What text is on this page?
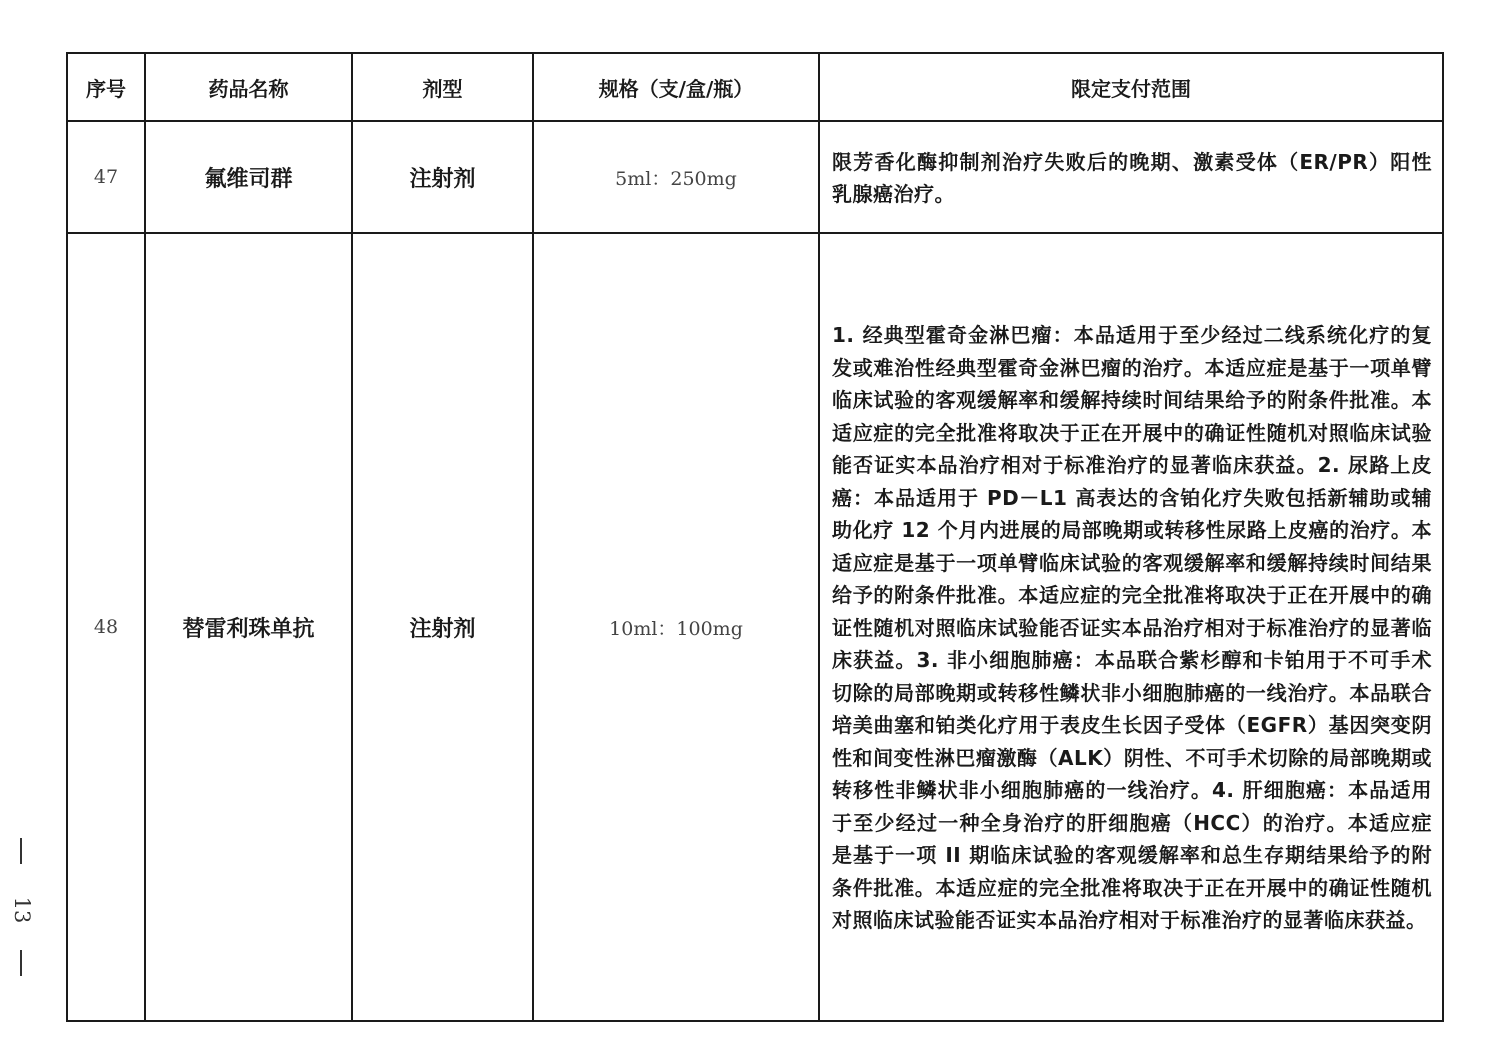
13
序号	药品名称	剂型	规格（支/盒/瓶）	限定支付范围
47	氟维司群	注射剂	5ml：250mg	限芳香化酶抑制剂治疗失败后的晚期、激素受体（ER/PR）阳性乳腺癌治疗。
48	替雷利珠单抗	注射剂	10ml：100mg	1. 经典型霍奇金淋巴瘤：本品适用于至少经过二线系统化疗的复发或难治性经典型霍奇金淋巴瘤的治疗。本适应症是基于一项单臂临床试验的客观缓解率和缓解持续时间结果给予的附条件批准。本适应症的完全批准将取决于正在开展中的确证性随机对照临床试验能否证实本品治疗相对于标准治疗的显著临床获益。2. 尿路上皮癌：本品适用于 PD－L1 高表达的含铂化疗失败包括新辅助或辅助化疗 12 个月内进展的局部晚期或转移性尿路上皮癌的治疗。本适应症是基于一项单臂临床试验的客观缓解率和缓解持续时间结果给予的附条件批准。本适应症的完全批准将取决于正在开展中的确证性随机对照临床试验能否证实本品治疗相对于标准治疗的显著临床获益。3. 非小细胞肺癌：本品联合紫杉醇和卡铂用于不可手术切除的局部晚期或转移性鳞状非小细胞肺癌的一线治疗。本品联合培美曲塞和铂类化疗用于表皮生长因子受体（EGFR）基因突变阴性和间变性淋巴瘤激酶（ALK）阴性、不可手术切除的局部晚期或转移性非鳞状非小细胞肺癌的一线治疗。4. 肝细胞癌：本品适用于至少经过一种全身治疗的肝细胞癌（HCC）的治疗。本适应症是基于一项 II 期临床试验的客观缓解率和总生存期结果给予的附条件批准。本适应症的完全批准将取决于正在开展中的确证性随机对照临床试验能否证实本品治疗相对于标准治疗的显著临床获益。
